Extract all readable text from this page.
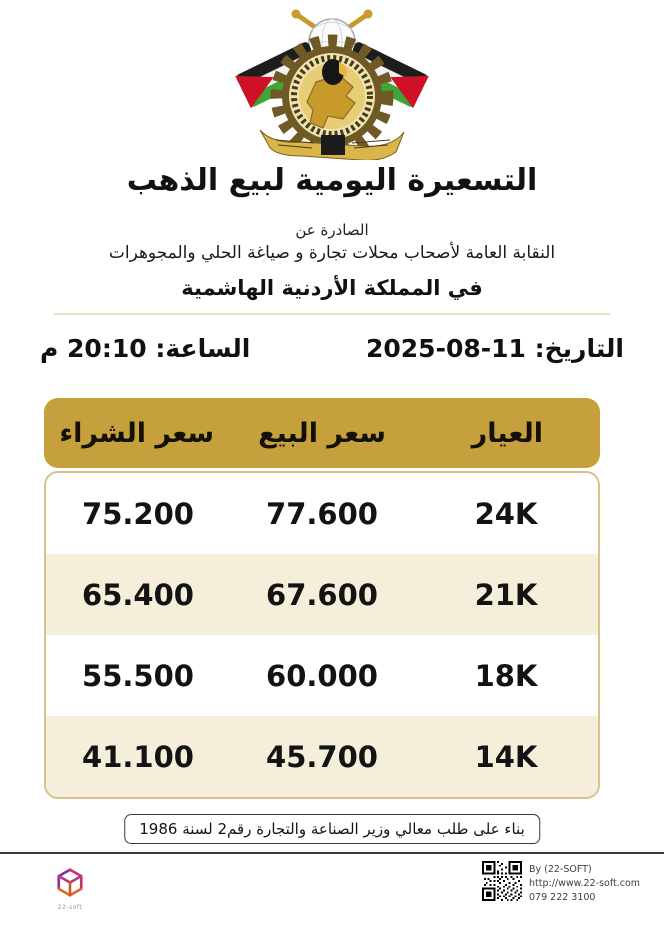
التسعيرة اليومية لبيع الذهب
الصادرة عن
النقابة العامة لأصحاب محلات تجارة و صياغة الحلي والمجوهرات
في المملكة الأردنية الهاشمية
التاريخ: 11-08-2025
الساعة: 20:10 م
العيار
سعر البيع
سعر الشراء
24K
77.600
75.200
21K
67.600
65.400
18K
60.000
55.500
14K
45.700
41.100
بناء على طلب معالي وزير الصناعة والتجارة رقم2 لسنة 1986
22-soft
By (22-SOFT)
http://www.22-soft.com
079 222 3100
